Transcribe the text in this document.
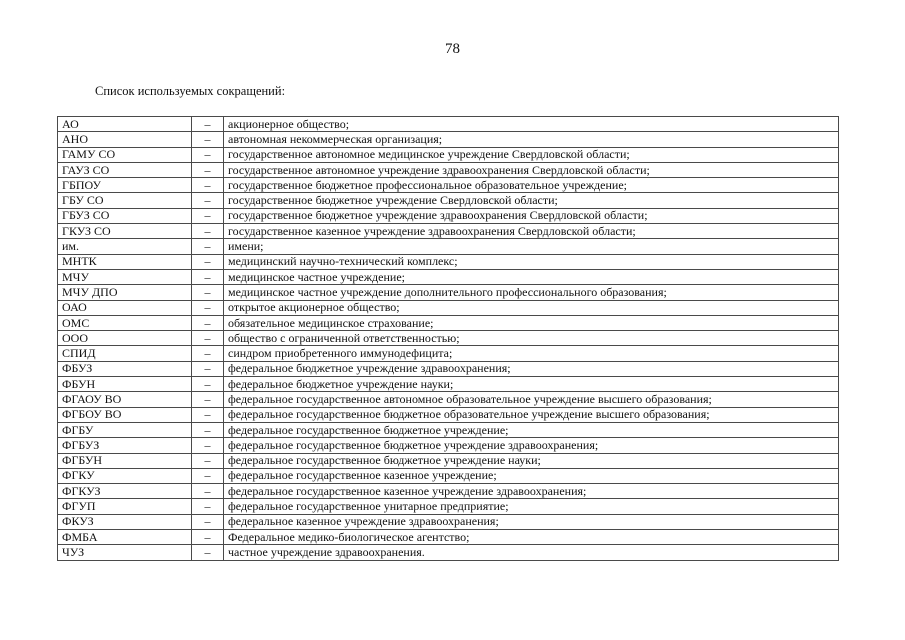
78
Список используемых сокращений:
АО	–	акционерное общество;
АНО	–	автономная некоммерческая организация;
ГАМУ СО	–	государственное автономное медицинское учреждение Свердловской области;
ГАУЗ СО	–	государственное автономное учреждение здравоохранения Свердловской области;
ГБПОУ	–	государственное бюджетное профессиональное образовательное учреждение;
ГБУ СО	–	государственное бюджетное учреждение Свердловской области;
ГБУЗ СО	–	государственное бюджетное учреждение здравоохранения Свердловской области;
ГКУЗ СО	–	государственное казенное учреждение здравоохранения Свердловской области;
им.	–	имени;
МНТК	–	медицинский научно-технический комплекс;
МЧУ	–	медицинское частное учреждение;
МЧУ ДПО	–	медицинское частное учреждение дополнительного профессионального образования;
ОАО	–	открытое акционерное общество;
ОМС	–	обязательное медицинское страхование;
ООО	–	общество с ограниченной ответственностью;
СПИД	–	синдром приобретенного иммунодефицита;
ФБУЗ	–	федеральное бюджетное учреждение здравоохранения;
ФБУН	–	федеральное бюджетное учреждение науки;
ФГАОУ ВО	–	федеральное государственное автономное образовательное учреждение высшего образования;
ФГБОУ ВО	–	федеральное государственное бюджетное образовательное учреждение высшего образования;
ФГБУ	–	федеральное государственное бюджетное учреждение;
ФГБУЗ	–	федеральное государственное бюджетное учреждение здравоохранения;
ФГБУН	–	федеральное государственное бюджетное учреждение науки;
ФГКУ	–	федеральное государственное казенное учреждение;
ФГКУЗ	–	федеральное государственное казенное учреждение здравоохранения;
ФГУП	–	федеральное государственное унитарное предприятие;
ФКУЗ	–	федеральное казенное учреждение здравоохранения;
ФМБА	–	Федеральное медико-биологическое агентство;
ЧУЗ	–	частное учреждение здравоохранения.
